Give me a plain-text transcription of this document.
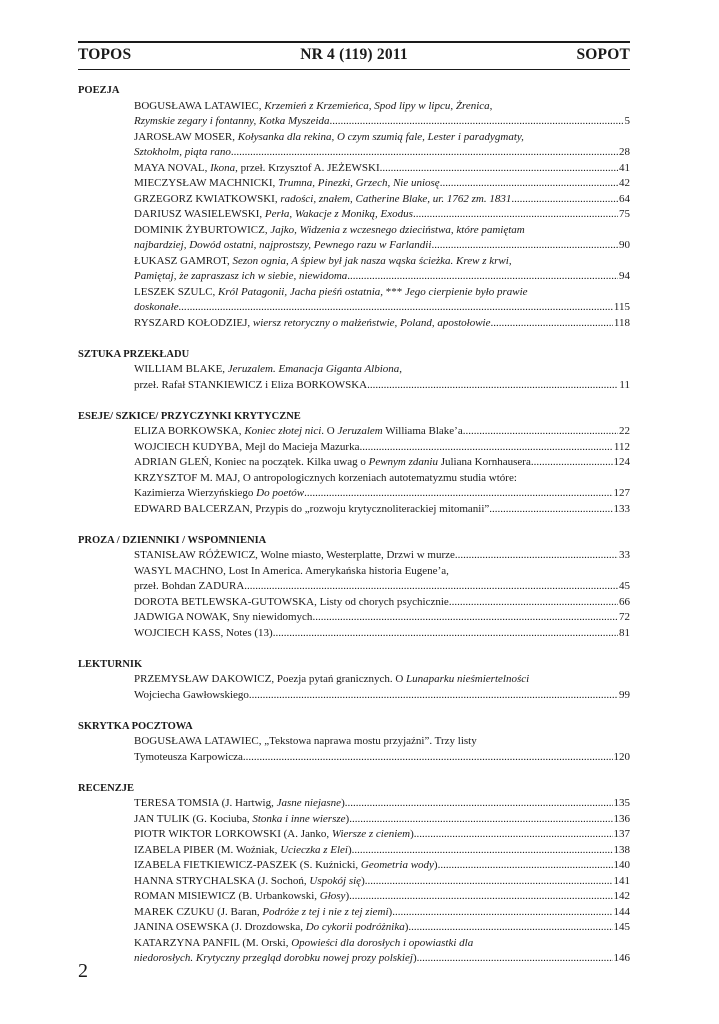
TOPOS	NR 4 (119) 2011	SOPOT
POEZJA
BOGUSŁAWA LATAWIEC, Krzemień z Krzemieńca, Spod lipy w lipcu, Żrenica,
Rzymskie zegary i fontanny, Kotka Myszeida .....	5
JAROSŁAW MOSER, Kołysanka dla rekina, O czym szumią fale, Lester i paradygmaty,
Sztokholm, piąta rano .....	28
MAYA NOVAL, Ikona, przeł. Krzysztof A. JEŻEWSKI .....	41
MIECZYSŁAW MACHNICKI, Trumna, Pinezki, Grzech, Nie uniosę .....	42
GRZEGORZ KWIATKOWSKI, radości, znałem, Catherine Blake, ur. 1762 zm. 1831 .....	64
DARIUSZ WASIELEWSKI, Perła, Wakacje z Moniką, Exodus .....	75
DOMINIK ŻYBURTOWICZ, Jajko, Widzenia z wczesnego dzieciństwa, które pamiętam
najbardziej, Dowód ostatni, najprostszy, Pewnego razu w Farlandii .....	90
ŁUKASZ GAMROT, Sezon ognia, A śpiew był jak nasza wąska ścieżka. Krew z krwi,
Pamiętaj, że zapraszasz ich w siebie, niewidoma .....	94
LESZEK SZULC, Król Patagonii, Jacha pieśń ostatnia, *** Jego cierpienie było prawie
doskonałe... .....	115
RYSZARD KOŁODZIEJ, wiersz retoryczny o małżeństwie, Poland, apostołowie .....	118
SZTUKA PRZEKŁADU
WILLIAM BLAKE, Jeruzalem. Emanacja Giganta Albiona,
przeł. Rafał STANKIEWICZ i Eliza BORKOWSKA .....	11
ESEJE/ SZKICE/ PRZYCZYNKI KRYTYCZNE
ELIZA BORKOWSKA, Koniec złotej nici. O Jeruzalem Williama Blake’a .....	22
WOJCIECH KUDYBA, Mejl do Macieja Mazurka .....	112
ADRIAN GLEŃ, Koniec na początek. Kilka uwag o Pewnym zdaniu Juliana Kornhausera .....	124
KRZYSZTOF M. MAJ, O antropologicznych korzeniach autotematyzmu studia wtóre:
Kazimierza Wierzyńskiego Do poetów .....	127
EDWARD BALCERZAN, Przypis do „rozwoju krytycznoliterackiej mitomanii” .....	133
PROZA / DZIENNIKI / WSPOMNIENIA
STANISŁAW RÓŻEWICZ, Wolne miasto, Westerplatte, Drzwi w murze .....	33
WASYL MACHNO, Lost In America. Amerykańska historia Eugene’a,
przeł. Bohdan ZADURA .....	45
DOROTA BETLEWSKA-GUTOWSKA, Listy od chorych psychicznie .....	66
JADWIGA NOWAK, Sny niewidomych .....	72
WOJCIECH KASS, Notes (13) .....	81
LEKTURNIK
PRZEMYSŁAW DAKOWICZ, Poezja pytań granicznych. O Lunaparku nieśmiertelności
Wojciecha Gawłowskiego .....	99
SKRYTKA POCZTOWA
BOGUSŁAWA LATAWIEC, „Tekstowa naprawa mostu przyjaźni”. Trzy listy
Tymoteusza Karpowicza .....	120
RECENZJE
TERESA TOMSIA (J. Hartwig, Jasne niejasne) .....	135
JAN TULIK (G. Kociuba, Stonka i inne wiersze) .....	136
PIOTR WIKTOR LORKOWSKI (A. Janko, Wiersze z cieniem) .....	137
IZABELA PIBER (M. Woźniak, Ucieczka z Elei) .....	138
IZABELA FIETKIEWICZ-PASZEK (S. Kuźnicki, Geometria wody) .....	140
HANNA STRYCHALSKA (J. Sochoń, Uspokój się) .....	141
ROMAN MISIEWICZ (B. Urbankowski, Głosy) .....	142
MAREK CZUKU (J. Baran, Podróże z tej i nie z tej ziemi) .....	144
JANINA OSEWSKA (J. Drozdowska, Do cykorii podróżnika) .....	145
KATARZYNA PANFIL (M. Orski, Opowieści dla dorosłych i opowiastki dla
niedorosłych. Krytyczny przegląd dorobku nowej prozy polskiej) .....	146
2
